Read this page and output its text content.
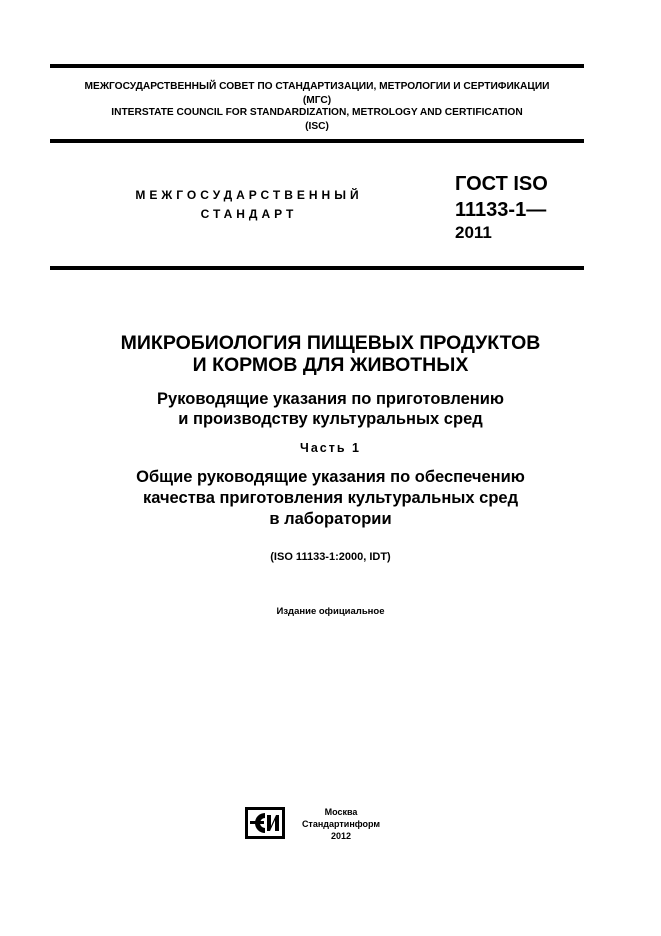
МЕЖГОСУДАРСТВЕННЫЙ СОВЕТ ПО СТАНДАРТИЗАЦИИ, МЕТРОЛОГИИ И СЕРТИФИКАЦИИ
(МГС)
INTERSTATE COUNCIL FOR STANDARDIZATION, METROLOGY AND CERTIFICATION
(ISC)
МЕЖГОСУДАРСТВЕННЫЙ
СТАНДАРТ
ГОСТ ISO
11133-1—
2011
МИКРОБИОЛОГИЯ ПИЩЕВЫХ ПРОДУКТОВ
И КОРМОВ ДЛЯ ЖИВОТНЫХ
Руководящие указания по приготовлению
и производству культуральных сред
Часть 1
Общие руководящие указания по обеспечению
качества приготовления культуральных сред
в лаборатории
(ISO 11133-1:2000, IDT)
Издание официальное
Москва
Стандартинформ
2012
